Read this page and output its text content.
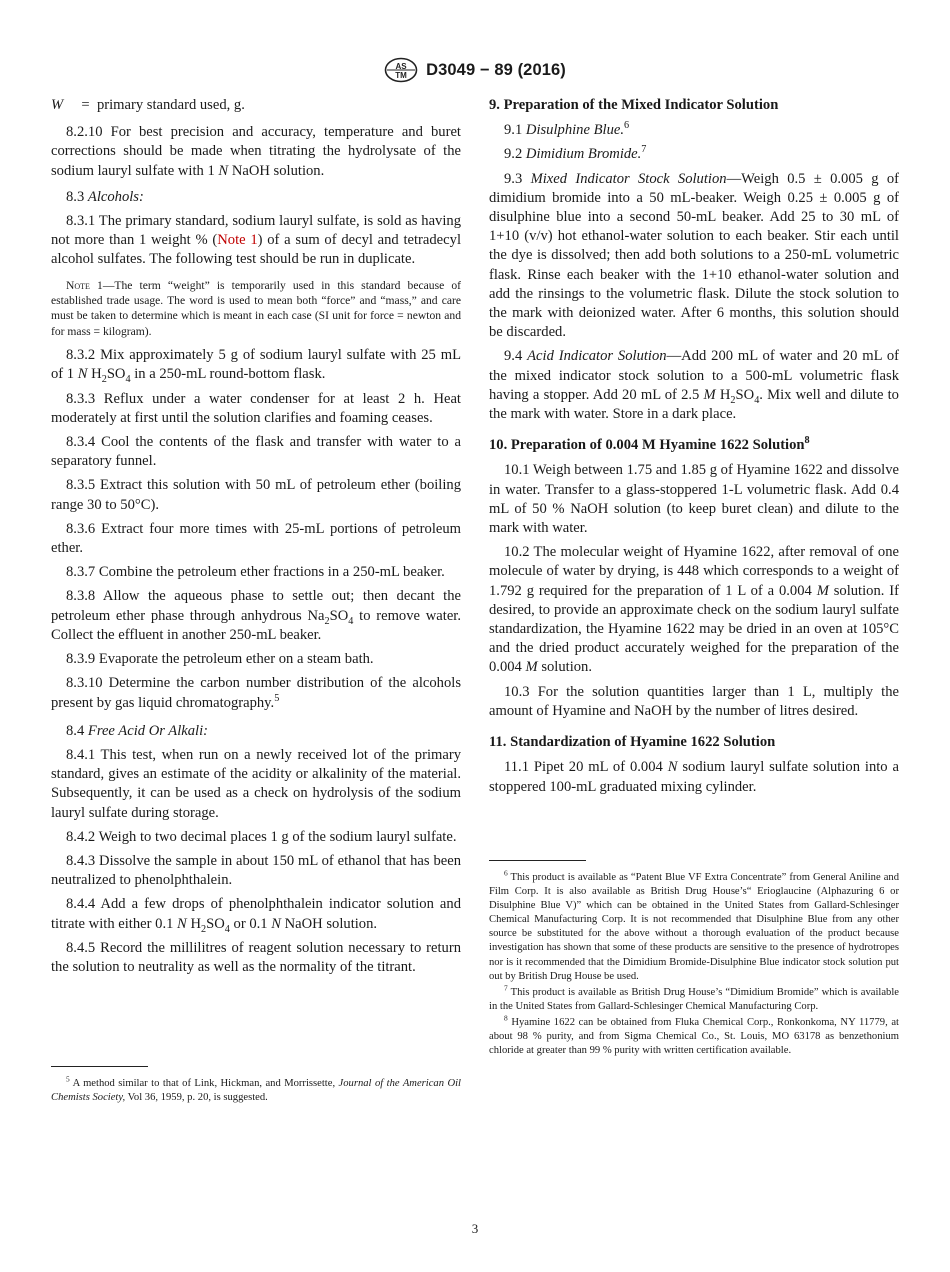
AS
TM D3049 − 89 (2016)

W = primary standard used, g.

8.2.10 For best precision and accuracy, temperature and buret corrections should be made when titrating the hydrolysate of the sodium lauryl sulfate with 1 N NaOH solution.

8.3 Alcohols:

8.3.1 The primary standard, sodium lauryl sulfate, is sold as having not more than 1 weight % (Note 1) of a sum of decyl and tetradecyl alcohol sulfates. The following test should be run in duplicate.

Note 1—The term “weight” is temporarily used in this standard because of established trade usage. The word is used to mean both “force” and “mass,” and care must be taken to determine which is meant in each case (SI unit for force = newton and for mass = kilogram).

8.3.2 Mix approximately 5 g of sodium lauryl sulfate with 25 mL of 1 N $H_2SO_4$ in a 250-mL round-bottom flask.

8.3.3 Reflux under a water condenser for at least 2 h. Heat moderately at first until the solution clarifies and foaming ceases.

8.3.4 Cool the contents of the flask and transfer with water to a separatory funnel.

8.3.5 Extract this solution with 50 mL of petroleum ether (boiling range 30 to 50°C).

8.3.6 Extract four more times with 25-mL portions of petroleum ether.

8.3.7 Combine the petroleum ether fractions in a 250-mL beaker.

8.3.8 Allow the aqueous phase to settle out; then decant the petroleum ether phase through anhydrous $Na_2SO_4$ to remove water. Collect the effluent in another 250-mL beaker.

8.3.9 Evaporate the petroleum ether on a steam bath.

8.3.10 Determine the carbon number distribution of the alcohols present by gas liquid chromatography.$^5$

8.4 Free Acid Or Alkali:

8.4.1 This test, when run on a newly received lot of the primary standard, gives an estimate of the acidity or alkalinity of the material. Subsequently, it can be used as a check on hydrolysis of the sodium lauryl sulfate during storage.

8.4.2 Weigh to two decimal places 1 g of the sodium lauryl sulfate.

8.4.3 Dissolve the sample in about 150 mL of ethanol that has been neutralized to phenolphthalein.

8.4.4 Add a few drops of phenolphthalein indicator solution and titrate with either 0.1 N $H_2SO_4$ or 0.1 N NaOH solution.

8.4.5 Record the millilitres of reagent solution necessary to return the solution to neutrality as well as the normality of the titrant.

$^5$ A method similar to that of Link, Hickman, and Morrissette, Journal of the American Oil Chemists Society, Vol 36, 1959, p. 20, is suggested.

9. Preparation of the Mixed Indicator Solution

9.1 Disulphine Blue.$^6$

9.2 Dimidium Bromide.$^7$

9.3 Mixed Indicator Stock Solution—Weigh 0.5 ± 0.005 g of dimidium bromide into a 50 mL-beaker. Weigh 0.25 ± 0.005 g of disulphine blue into a second 50-mL beaker. Add 25 to 30 mL of 1+10 (v/v) hot ethanol-water solution to each beaker. Stir each until the dye is dissolved; then add both solutions to a 250-mL volumetric flask. Rinse each beaker with the 1+10 ethanol-water solution and add the rinsings to the volumetric flask. Dilute the stock solution to the mark with deionized water. After 6 months, this solution should be discarded.

9.4 Acid Indicator Solution—Add 200 mL of water and 20 mL of the mixed indicator stock solution to a 500-mL volumetric flask having a stopper. Add 20 mL of 2.5 M $H_2SO_4$. Mix well and dilute to the mark with water. Store in a dark place.

10. Preparation of 0.004 M Hyamine 1622 Solution$^8$

10.1 Weigh between 1.75 and 1.85 g of Hyamine 1622 and dissolve in water. Transfer to a glass-stoppered 1-L volumetric flask. Add 0.4 mL of 50 % NaOH solution (to keep buret clean) and dilute to the mark with water.

10.2 The molecular weight of Hyamine 1622, after removal of one molecule of water by drying, is 448 which corresponds to a weight of 1.792 g required for the preparation of 1 L of a 0.004 M solution. If desired, to provide an approximate check on the sodium lauryl sulfate standardization, the Hyamine 1622 may be dried in an oven at 105°C and the dried product accurately weighed for the preparation of the 0.004 M solution.

10.3 For the solution quantities larger than 1 L, multiply the amount of Hyamine and NaOH by the number of litres desired.

11. Standardization of Hyamine 1622 Solution

11.1 Pipet 20 mL of 0.004 N sodium lauryl sulfate solution into a stoppered 100-mL graduated mixing cylinder.

$^6$ This product is available as “Patent Blue VF Extra Concentrate” from General Aniline and Film Corp. It is also available as British Drug House’s“ Erioglaucine (Alphazuring 6 or Disulphine Blue V)” which can be obtained in the United States from Gallard-Schlesinger Chemical Manufacturing Corp. It is not recommended that Disulphine Blue from any other source be substituted for the above without a thorough evaluation of the product because investigation has shown that some of these products are sensitive to the presence of hydrotropes nor is it recommended that the Dimidium Bromide-Disulphine Blue indicator stock solution put out by British Drug House be used.

$^7$ This product is available as British Drug House’s “Dimidium Bromide” which is available in the United States from Gallard-Schlesinger Chemical Manufacturing Corp.

$^8$ Hyamine 1622 can be obtained from Fluka Chemical Corp., Ronkonkoma, NY 11779, at about 98 % purity, and from Sigma Chemical Co., St. Louis, MO 63178 as benzethonium chloride at greater than 99 % purity with written certification available.

3
